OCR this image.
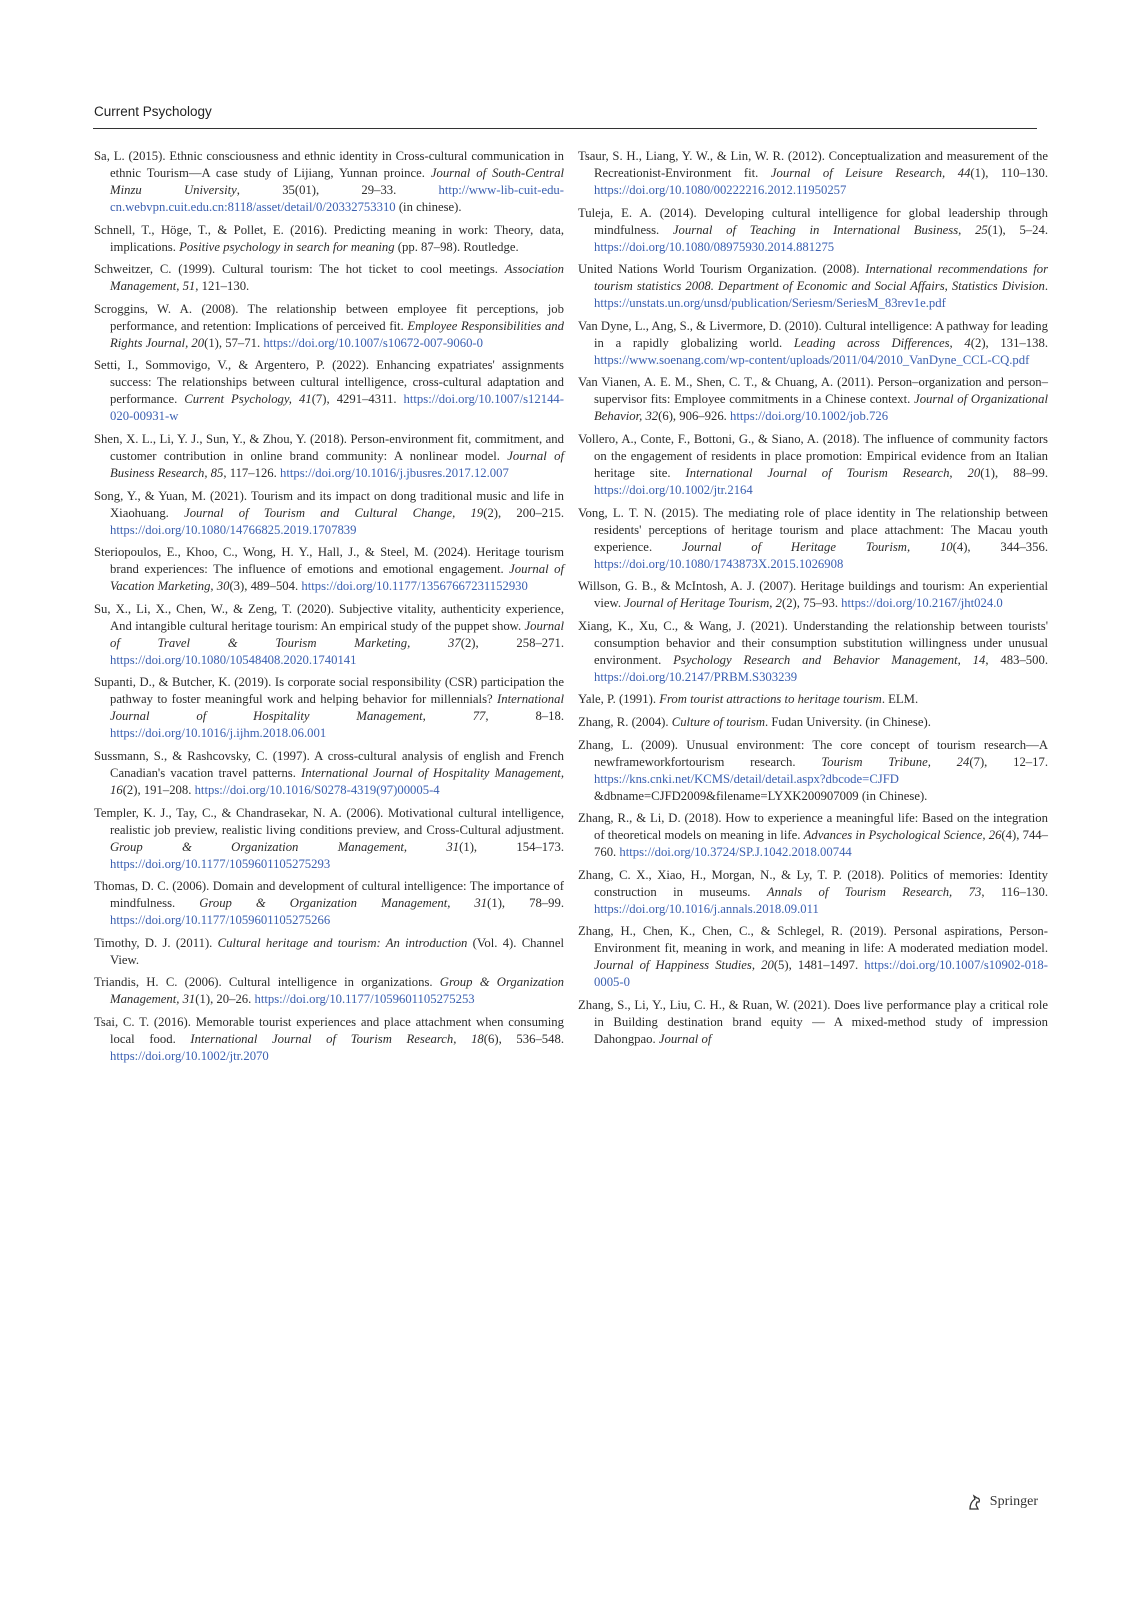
Current Psychology

Sa, L. (2015). Ethnic consciousness and ethnic identity in Cross-cultural communication in ethnic Tourism—A case study of Lijiang, Yunnan proince. Journal of South-Central Minzu University, 35(01), 29–33. http://www-lib-cuit-edu-cn.webvpn.cuit.edu.cn:8118/asset/detail/0/20332753310 (in chinese).

Schnell, T., Höge, T., & Pollet, E. (2016). Predicting meaning in work: Theory, data, implications. Positive psychology in search for meaning (pp. 87–98). Routledge.

Schweitzer, C. (1999). Cultural tourism: The hot ticket to cool meetings. Association Management, 51, 121–130.

Scroggins, W. A. (2008). The relationship between employee fit perceptions, job performance, and retention: Implications of perceived fit. Employee Responsibilities and Rights Journal, 20(1), 57–71. https://doi.org/10.1007/s10672-007-9060-0

Setti, I., Sommovigo, V., & Argentero, P. (2022). Enhancing expatriates' assignments success: The relationships between cultural intelligence, cross-cultural adaptation and performance. Current Psychology, 41(7), 4291–4311. https://doi.org/10.1007/s12144-020-00931-w

Shen, X. L., Li, Y. J., Sun, Y., & Zhou, Y. (2018). Person-environment fit, commitment, and customer contribution in online brand community: A nonlinear model. Journal of Business Research, 85, 117–126. https://doi.org/10.1016/j.jbusres.2017.12.007

Song, Y., & Yuan, M. (2021). Tourism and its impact on dong traditional music and life in Xiaohuang. Journal of Tourism and Cultural Change, 19(2), 200–215. https://doi.org/10.1080/14766825.2019.1707839

Steriopoulos, E., Khoo, C., Wong, H. Y., Hall, J., & Steel, M. (2024). Heritage tourism brand experiences: The influence of emotions and emotional engagement. Journal of Vacation Marketing, 30(3), 489–504. https://doi.org/10.1177/13567667231152930

Su, X., Li, X., Chen, W., & Zeng, T. (2020). Subjective vitality, authenticity experience, And intangible cultural heritage tourism: An empirical study of the puppet show. Journal of Travel & Tourism Marketing, 37(2), 258–271. https://doi.org/10.1080/10548408.2020.1740141

Supanti, D., & Butcher, K. (2019). Is corporate social responsibility (CSR) participation the pathway to foster meaningful work and helping behavior for millennials? International Journal of Hospitality Management, 77, 8–18. https://doi.org/10.1016/j.ijhm.2018.06.001

Sussmann, S., & Rashcovsky, C. (1997). A cross-cultural analysis of english and French Canadian's vacation travel patterns. International Journal of Hospitality Management, 16(2), 191–208. https://doi.org/10.1016/S0278-4319(97)00005-4

Templer, K. J., Tay, C., & Chandrasekar, N. A. (2006). Motivational cultural intelligence, realistic job preview, realistic living conditions preview, and Cross-Cultural adjustment. Group & Organization Management, 31(1), 154–173. https://doi.org/10.1177/1059601105275293

Thomas, D. C. (2006). Domain and development of cultural intelligence: The importance of mindfulness. Group & Organization Management, 31(1), 78–99. https://doi.org/10.1177/1059601105275266

Timothy, D. J. (2011). Cultural heritage and tourism: An introduction (Vol. 4). Channel View.

Triandis, H. C. (2006). Cultural intelligence in organizations. Group & Organization Management, 31(1), 20–26. https://doi.org/10.1177/1059601105275253

Tsai, C. T. (2016). Memorable tourist experiences and place attachment when consuming local food. International Journal of Tourism Research, 18(6), 536–548. https://doi.org/10.1002/jtr.2070

Tsaur, S. H., Liang, Y. W., & Lin, W. R. (2012). Conceptualization and measurement of the Recreationist-Environment fit. Journal of Leisure Research, 44(1), 110–130. https://doi.org/10.1080/00222216.2012.11950257

Tuleja, E. A. (2014). Developing cultural intelligence for global leadership through mindfulness. Journal of Teaching in International Business, 25(1), 5–24. https://doi.org/10.1080/08975930.2014.881275

United Nations World Tourism Organization. (2008). International recommendations for tourism statistics 2008. Department of Economic and Social Affairs, Statistics Division. https://unstats.un.org/unsd/publication/Seriesm/SeriesM_83rev1e.pdf

Van Dyne, L., Ang, S., & Livermore, D. (2010). Cultural intelligence: A pathway for leading in a rapidly globalizing world. Leading across Differences, 4(2), 131–138. https://www.soenang.com/wp-content/uploads/2011/04/2010_VanDyne_CCL-CQ.pdf

Van Vianen, A. E. M., Shen, C. T., & Chuang, A. (2011). Person–organization and person–supervisor fits: Employee commitments in a Chinese context. Journal of Organizational Behavior, 32(6), 906–926. https://doi.org/10.1002/job.726

Vollero, A., Conte, F., Bottoni, G., & Siano, A. (2018). The influence of community factors on the engagement of residents in place promotion: Empirical evidence from an Italian heritage site. International Journal of Tourism Research, 20(1), 88–99. https://doi.org/10.1002/jtr.2164

Vong, L. T. N. (2015). The mediating role of place identity in The relationship between residents' perceptions of heritage tourism and place attachment: The Macau youth experience. Journal of Heritage Tourism, 10(4), 344–356. https://doi.org/10.1080/1743873X.2015.1026908

Willson, G. B., & McIntosh, A. J. (2007). Heritage buildings and tourism: An experiential view. Journal of Heritage Tourism, 2(2), 75–93. https://doi.org/10.2167/jht024.0

Xiang, K., Xu, C., & Wang, J. (2021). Understanding the relationship between tourists' consumption behavior and their consumption substitution willingness under unusual environment. Psychology Research and Behavior Management, 14, 483–500. https://doi.org/10.2147/PRBM.S303239

Yale, P. (1991). From tourist attractions to heritage tourism. ELM.

Zhang, R. (2004). Culture of tourism. Fudan University. (in Chinese).

Zhang, L. (2009). Unusual environment: The core concept of tourism research—A newframeworkfortourism research. Tourism Tribune, 24(7), 12–17. https://kns.cnki.net/KCMS/detail/detail.aspx?dbcode=CJFD &dbname=CJFD2009&filename=LYXK200907009 (in Chinese).

Zhang, R., & Li, D. (2018). How to experience a meaningful life: Based on the integration of theoretical models on meaning in life. Advances in Psychological Science, 26(4), 744–760. https://doi.org/10.3724/SP.J.1042.2018.00744

Zhang, C. X., Xiao, H., Morgan, N., & Ly, T. P. (2018). Politics of memories: Identity construction in museums. Annals of Tourism Research, 73, 116–130. https://doi.org/10.1016/j.annals.2018.09.011

Zhang, H., Chen, K., Chen, C., & Schlegel, R. (2019). Personal aspirations, Person-Environment fit, meaning in work, and meaning in life: A moderated mediation model. Journal of Happiness Studies, 20(5), 1481–1497. https://doi.org/10.1007/s10902-018-0005-0

Zhang, S., Li, Y., Liu, C. H., & Ruan, W. (2021). Does live performance play a critical role in Building destination brand equity — A mixed-method study of impression Dahongpao. Journal of

Springer
